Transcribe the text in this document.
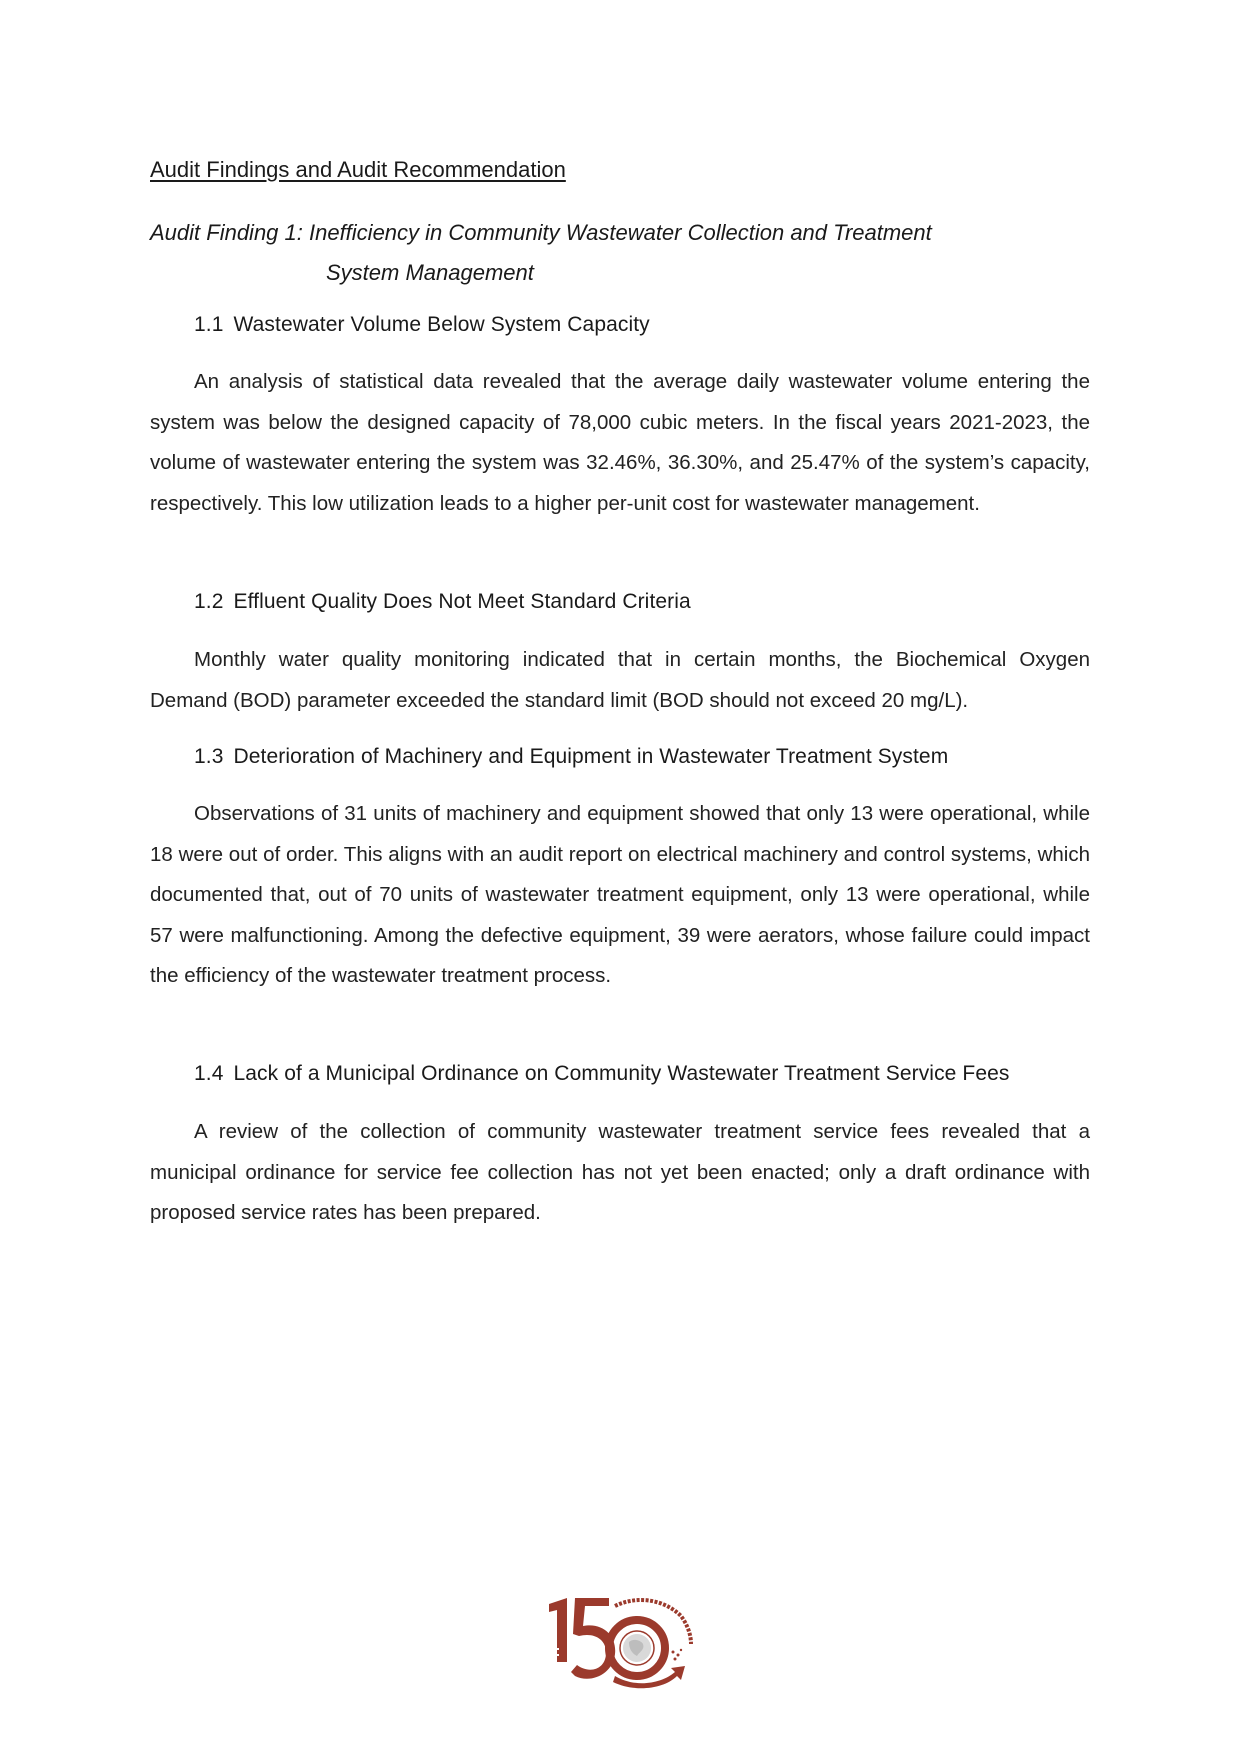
Audit Findings and Audit Recommendation
Audit Finding 1: Inefficiency in Community Wastewater Collection and Treatment
System Management
1.1 Wastewater Volume Below System Capacity

An analysis of statistical data revealed that the average daily wastewater volume entering the system was below the designed capacity of 78,000 cubic meters. In the fiscal years 2021-2023, the volume of wastewater entering the system was 32.46%, 36.30%, and 25.47% of the system’s capacity, respectively. This low utilization leads to a higher per-unit cost for wastewater management.

1.2 Effluent Quality Does Not Meet Standard Criteria

Monthly water quality monitoring indicated that in certain months, the Biochemical Oxygen Demand (BOD) parameter exceeded the standard limit (BOD should not exceed 20 mg/L).

1.3 Deterioration of Machinery and Equipment in Wastewater Treatment System

Observations of 31 units of machinery and equipment showed that only 13 were operational, while 18 were out of order. This aligns with an audit report on electrical machinery and control systems, which documented that, out of 70 units of wastewater treatment equipment, only 13 were operational, while 57 were malfunctioning. Among the defective equipment, 39 were aerators, whose failure could impact the efficiency of the wastewater treatment process.

1.4 Lack of a Municipal Ordinance on Community Wastewater Treatment Service Fees

A review of the collection of community wastewater treatment service fees revealed that a municipal ordinance for service fee collection has not yet been enacted; only a draft ordinance with proposed service rates has been prepared.
